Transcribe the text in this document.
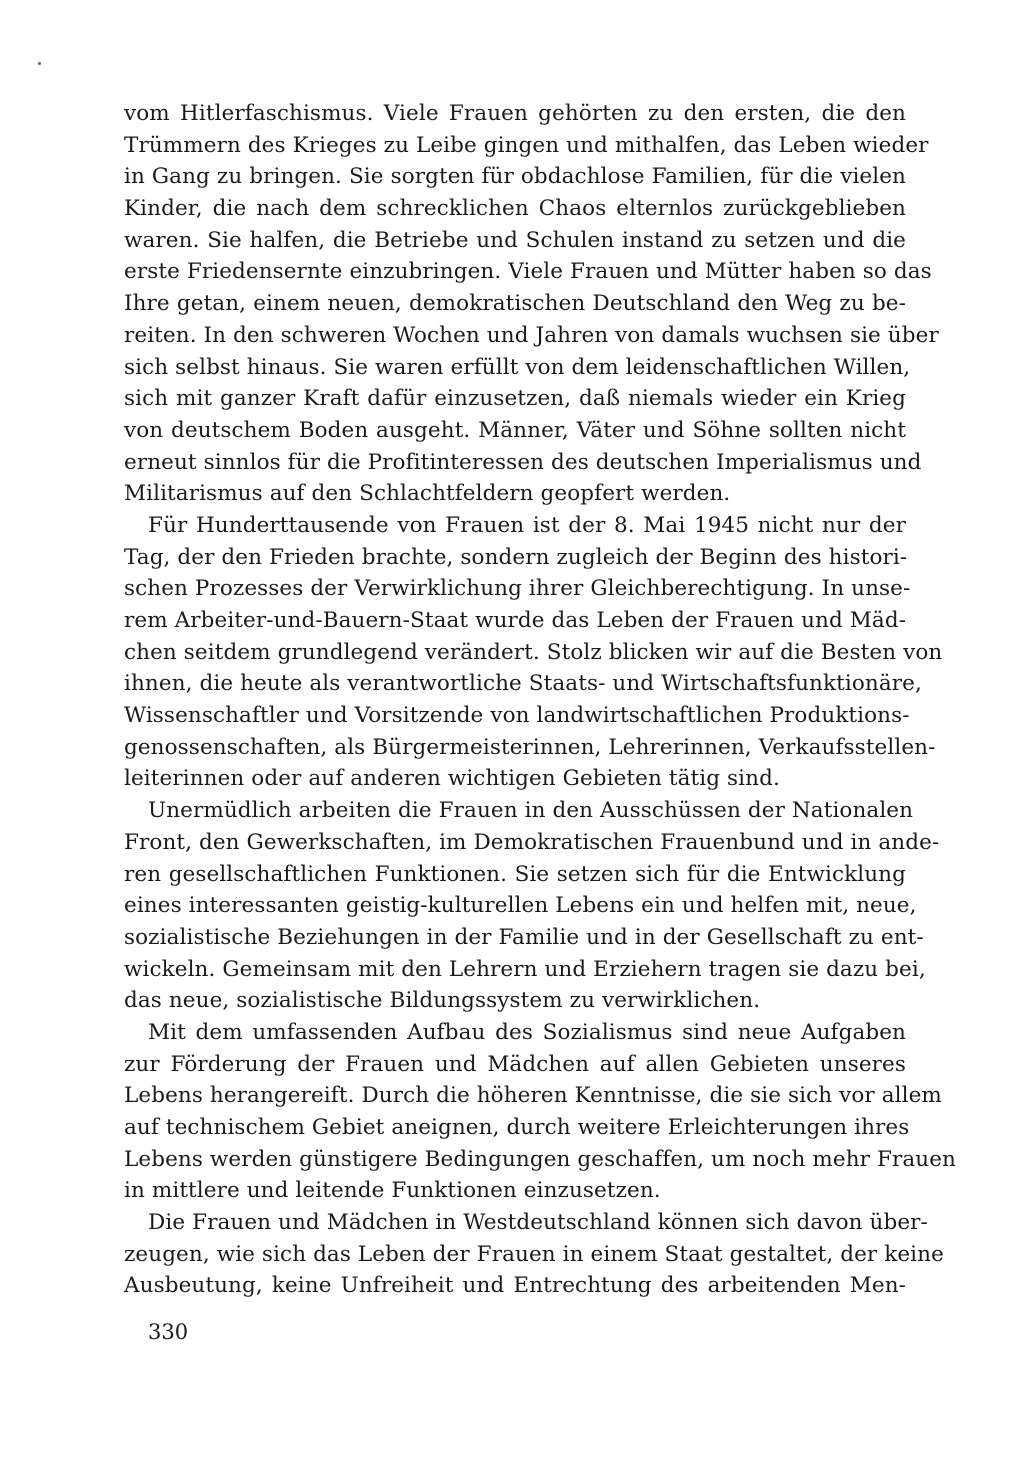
vom Hitlerfaschismus. Viele Frauen gehörten zu den ersten, die den
Trümmern des Krieges zu Leibe gingen und mithalfen, das Leben wieder
in Gang zu bringen. Sie sorgten für obdachlose Familien, für die vielen
Kinder, die nach dem schrecklichen Chaos elternlos zurückgeblieben
waren. Sie halfen, die Betriebe und Schulen instand zu setzen und die
erste Friedensernte einzubringen. Viele Frauen und Mütter haben so das
Ihre getan, einem neuen, demokratischen Deutschland den Weg zu be-
reiten. In den schweren Wochen und Jahren von damals wuchsen sie über
sich selbst hinaus. Sie waren erfüllt von dem leidenschaftlichen Willen,
sich mit ganzer Kraft dafür einzusetzen, daß niemals wieder ein Krieg
von deutschem Boden ausgeht. Männer, Väter und Söhne sollten nicht
erneut sinnlos für die Profitinteressen des deutschen Imperialismus und
Militarismus auf den Schlachtfeldern geopfert werden.

Für Hunderttausende von Frauen ist der 8. Mai 1945 nicht nur der
Tag, der den Frieden brachte, sondern zugleich der Beginn des histori-
schen Prozesses der Verwirklichung ihrer Gleichberechtigung. In unse-
rem Arbeiter-und-Bauern-Staat wurde das Leben der Frauen und Mäd-
chen seitdem grundlegend verändert. Stolz blicken wir auf die Besten von
ihnen, die heute als verantwortliche Staats- und Wirtschaftsfunktionäre,
Wissenschaftler und Vorsitzende von landwirtschaftlichen Produktions-
genossenschaften, als Bürgermeisterinnen, Lehrerinnen, Verkaufsstellen-
leiterinnen oder auf anderen wichtigen Gebieten tätig sind.

Unermüdlich arbeiten die Frauen in den Ausschüssen der Nationalen
Front, den Gewerkschaften, im Demokratischen Frauenbund und in ande-
ren gesellschaftlichen Funktionen. Sie setzen sich für die Entwicklung
eines interessanten geistig-kulturellen Lebens ein und helfen mit, neue,
sozialistische Beziehungen in der Familie und in der Gesellschaft zu ent-
wickeln. Gemeinsam mit den Lehrern und Erziehern tragen sie dazu bei,
das neue, sozialistische Bildungssystem zu verwirklichen.

Mit dem umfassenden Aufbau des Sozialismus sind neue Aufgaben
zur Förderung der Frauen und Mädchen auf allen Gebieten unseres
Lebens herangereift. Durch die höheren Kenntnisse, die sie sich vor allem
auf technischem Gebiet aneignen, durch weitere Erleichterungen ihres
Lebens werden günstigere Bedingungen geschaffen, um noch mehr Frauen
in mittlere und leitende Funktionen einzusetzen.

Die Frauen und Mädchen in Westdeutschland können sich davon über-
zeugen, wie sich das Leben der Frauen in einem Staat gestaltet, der keine
Ausbeutung, keine Unfreiheit und Entrechtung des arbeitenden Men-

330
